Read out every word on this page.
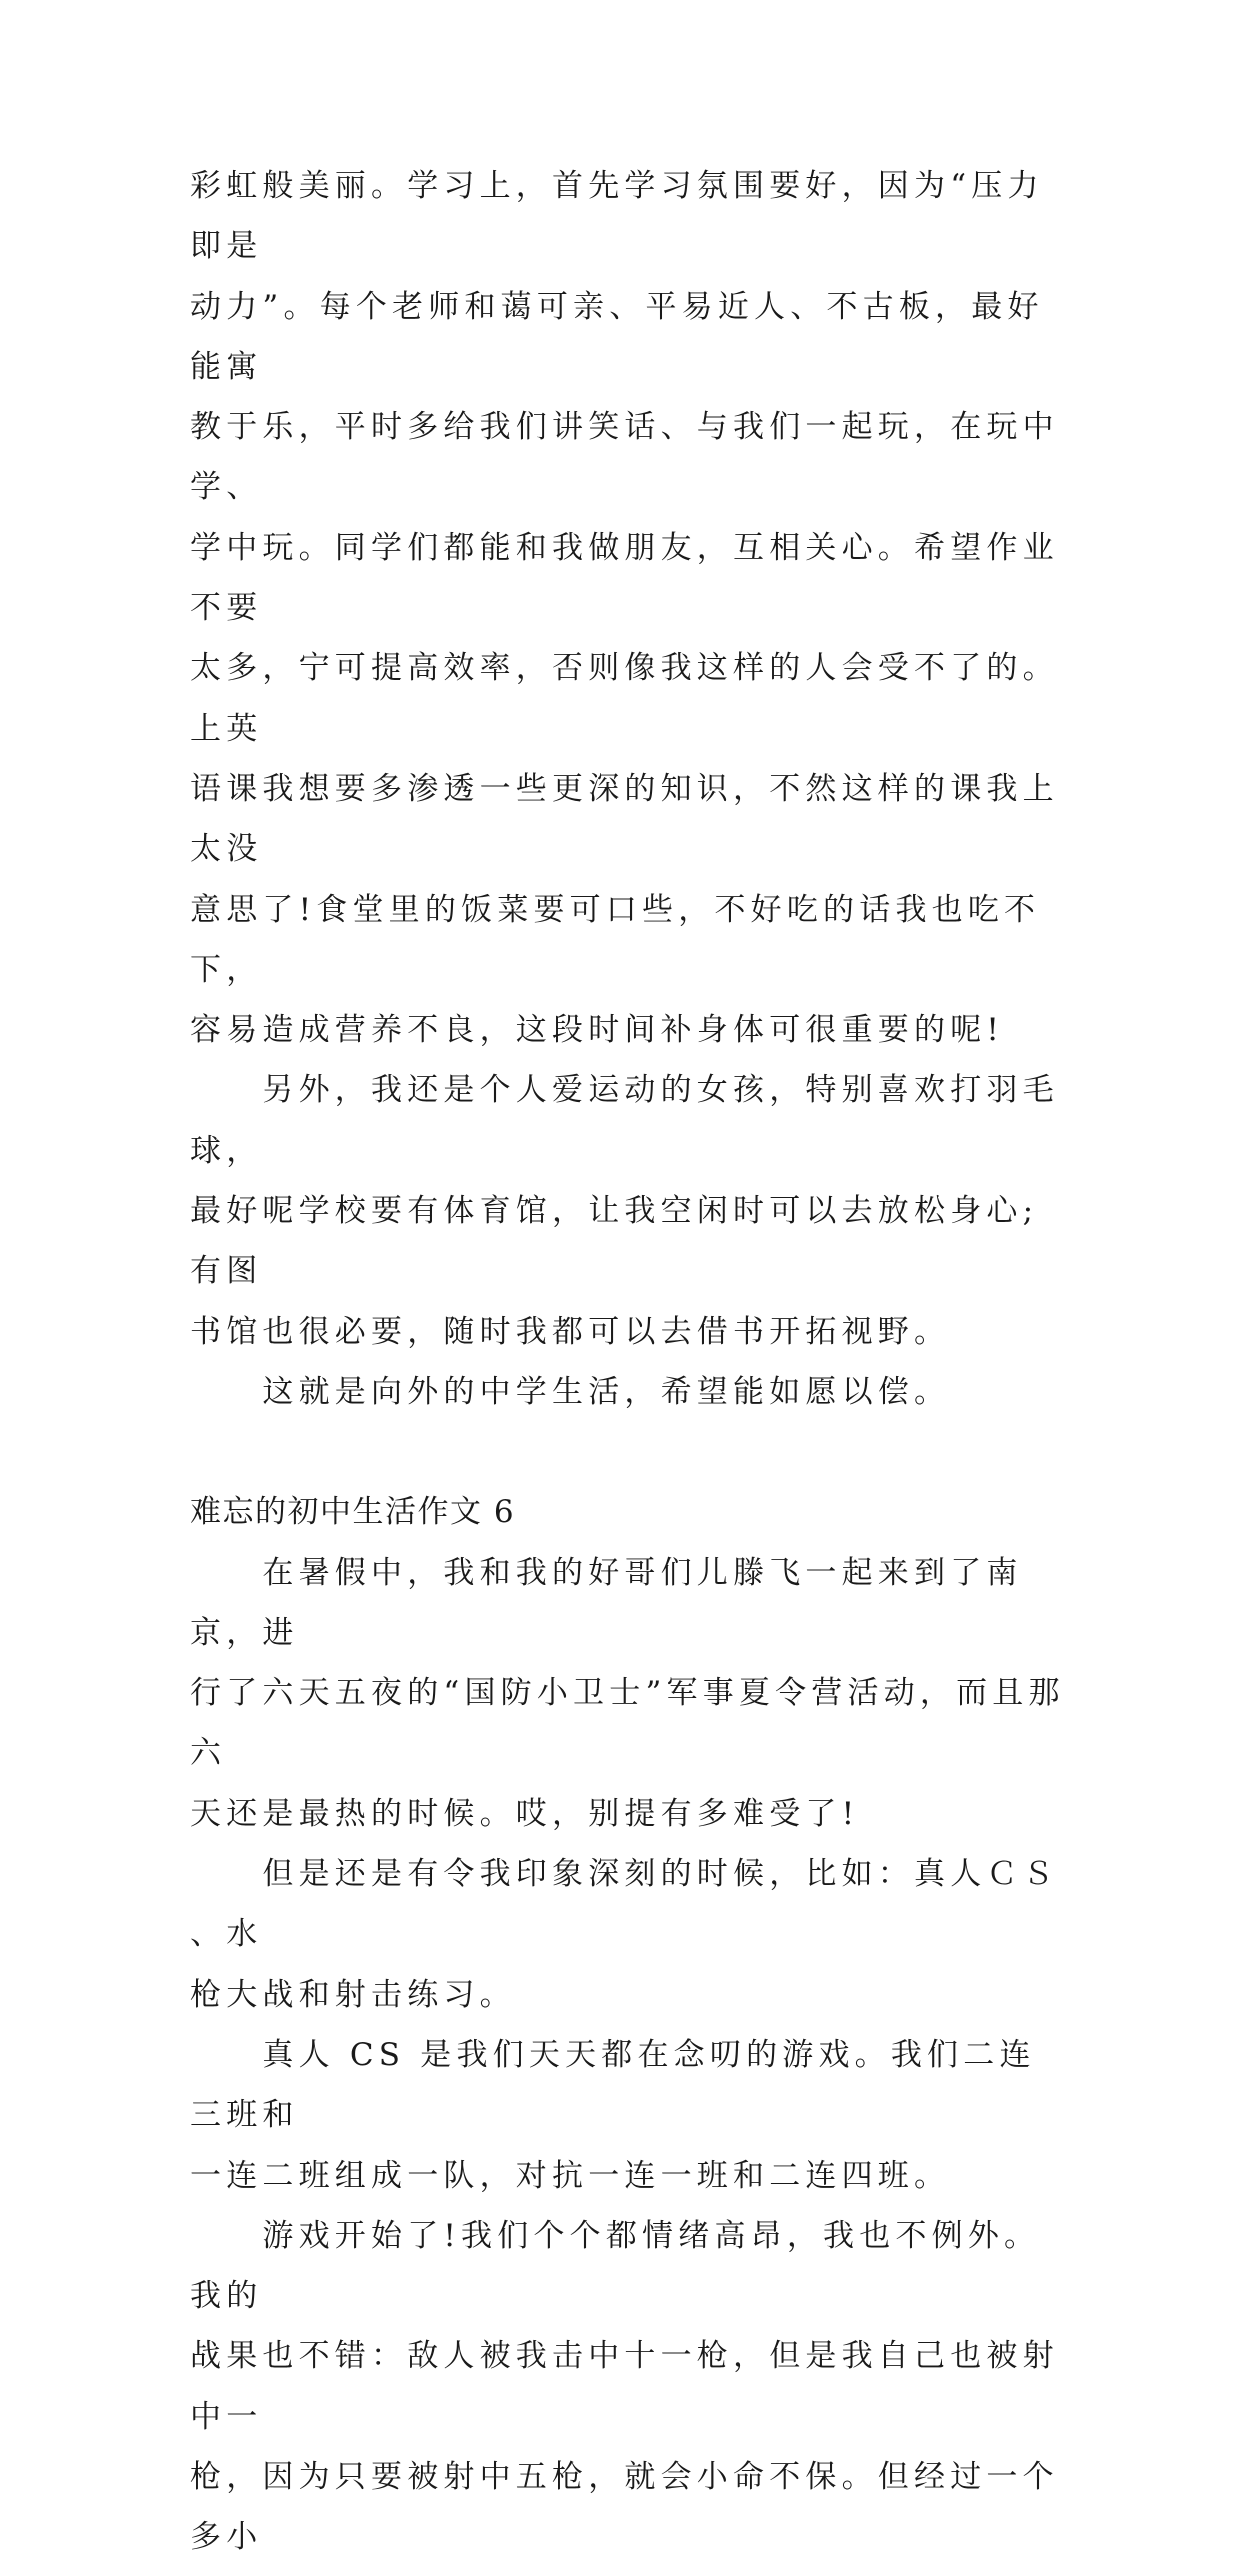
彩虹般美丽。学习上，首先学习氛围要好，因为“压力即是
动力”。每个老师和蔼可亲、平易近人、不古板，最好能寓
教于乐，平时多给我们讲笑话、与我们一起玩，在玩中学、
学中玩。同学们都能和我做朋友，互相关心。希望作业不要
太多，宁可提高效率，否则像我这样的人会受不了的。上英
语课我想要多渗透一些更深的知识，不然这样的课我上太没
意思了!食堂里的饭菜要可口些，不好吃的话我也吃不下，
容易造成营养不良，这段时间补身体可很重要的呢!

　　另外，我还是个人爱运动的女孩，特别喜欢打羽毛球，
最好呢学校要有体育馆，让我空闲时可以去放松身心;有图
书馆也很必要，随时我都可以去借书开拓视野。

　　这就是向外的中学生活，希望能如愿以偿。

难忘的初中生活作文 6

　　在暑假中，我和我的好哥们儿滕飞一起来到了南京，进
行了六天五夜的“国防小卫士”军事夏令营活动，而且那六
天还是最热的时候。哎，别提有多难受了!

　　但是还是有令我印象深刻的时候，比如：真人ＣＳ 、水
枪大战和射击练习。

　　真人 CS 是我们天天都在念叨的游戏。我们二连三班和
一连二班组成一队，对抗一连一班和二连四班。

　　游戏开始了!我们个个都情绪高昂，我也不例外。我的
战果也不错：敌人被我击中十一枪，但是我自己也被射中一
枪，因为只要被射中五枪，就会小命不保。但经过一个多小
